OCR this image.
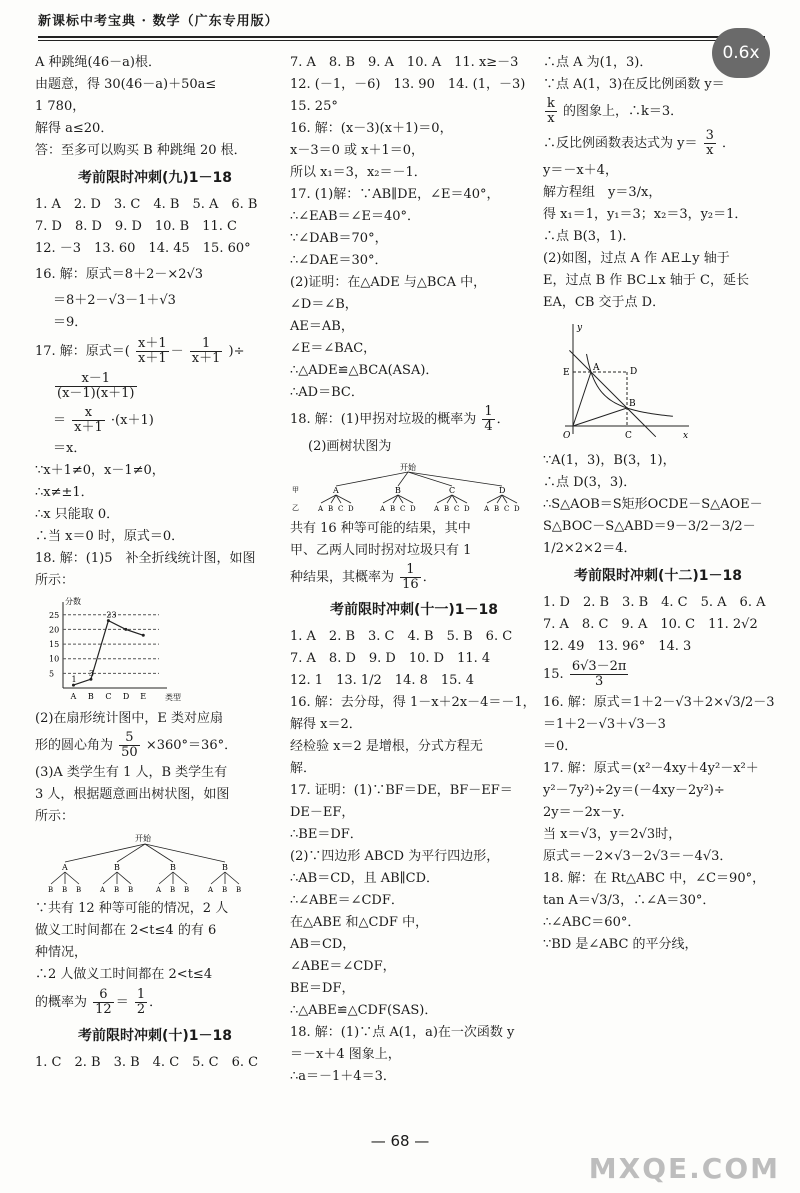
新课标中考宝典 · 数学（广东专用版）
0.6x
A 种跳绳(46－a)根．
由题意，得 30(46－a)＋50a≤
1 780，
解得 a≤20．
答：至多可以购买 B 种跳绳 20 根．
考前限时冲刺(九)1－18
1. A　2. D　3. C　4. B　5. A　6. B
7. D　8. D　9. D　10. B　11. C
12. －3　13. 60　14. 45　15. 60°
16. 解：原式＝8＋2－×2√3
＝8＋2－√3－1＋√3
＝9．
17. 解：原式＝( $\frac{x+1}{x+1} - \frac{1}{x+1}$ )÷
$\frac{x-1}{(x-1)(x+1)}$
＝ $\frac{x}{x+1} \cdot(x+1)$
＝x．
∵x＋1≠0，x－1≠0，
∴x≠±1．
∴x 只能取 0．
∴当 x＝0 时，原式＝0．
18. 解：(1)5　补全折线统计图，如图
所示：
分数
类型
5
10
15
20
25
A B C D E
1
3
23
(2)在扇形统计图中，E 类对应扇
形的圆心角为 $\frac{5}{50} \times 360^\circ=36^\circ$．
(3)A 类学生有 1 人，B 类学生有
3 人，根据题意画出树状图，如图
所示：
开始
A
B B B
B
A B B
B
A B B
B
A B B
∵共有 12 种等可能的情况，2 人
做义工时间都在 2<t≤4 的有 6
种情况，
∴2 人做义工时间都在 2<t≤4
的概率为 $\frac{6}{12} = \frac{1}{2}$ ．
考前限时冲刺(十)1－18
1. C　2. B　3. B　4. C　5. C　6. C
7. A　8. B　9. A　10. A　11. x≥－3
12. (－1，－6)　13. 90　14. (1，－3)
15. 25°
16. 解：(x－3)(x＋1)＝0，
x－3＝0 或 x＋1＝0，
所以 x₁＝3，x₂＝－1．
17. (1)解：∵AB∥DE，∠E＝40°，
∴∠EAB＝∠E＝40°．
∵∠DAB＝70°，
∴∠DAE＝30°．
(2)证明：在△ADE 与△BCA 中，
∠D＝∠B，
AE＝AB，
∠E＝∠BAC，
∴△ADE≌△BCA(ASA)．
∴AD＝BC．
18. 解：(1)甲拐对垃圾的概率为 $\frac{1}{4}$ ．
(2)画树状图为
开始
甲
乙
A
A B C D
B
A B C D
C
A B C D
D
A B C D
共有 16 种等可能的结果，其中
甲、乙两人同时拐对垃圾只有 1
种结果，其概率为 $\frac{1}{16}$ ．
考前限时冲刺(十一)1－18
1. A　2. B　3. C　4. B　5. B　6. C
7. A　8. D　9. D　10. D　11. 4
12. 1　13. 1/2　14. 8　15. 4
16. 解：去分母，得 1－x＋2x－4＝－1，
解得 x＝2．
经检验 x＝2 是增根，分式方程无
解．
17. 证明：(1)∵BF＝DE，BF－EF＝
DE－EF，
∴BE＝DF．
(2)∵四边形 ABCD 为平行四边形，
∴AB＝CD，且 AB∥CD．
∴∠ABE＝∠CDF．
在△ABE 和△CDF 中，
AB＝CD，
∠ABE＝∠CDF，
BE＝DF，
∴△ABE≌△CDF(SAS)．
18. 解：(1)∵点 A(1，a)在一次函数 y
＝－x＋4 图象上，
∴a＝－1＋4＝3．
∴点 A 为(1，3)．
∵点 A(1，3)在反比例函数 y＝
$\frac{k}{x}$ 的图象上，∴k＝3．
∴反比例函数表达式为 $y= \frac{3}{x}$ ．
y＝－x＋4，
解方程组　y＝3/x，
得 x₁＝1，y₁＝3；x₂＝3，y₂＝1．
∴点 B(3，1)．
(2)如图，过点 A 作 AE⊥y 轴于
E，过点 B 作 BC⊥x 轴于 C，延长
EA，CB 交于点 D．
y
x
O
A
B
C
D
E
∵A(1，3)，B(3，1)，
∴点 D(3，3)．
∴S△AOB＝S矩形OCDE－S△AOE－
S△BOC－S△ABD＝9－3/2－3/2－
1/2×2×2＝4．
考前限时冲刺(十二)1－18
1. D　2. B　3. B　4. C　5. A　6. A
7. A　8. C　9. A　10. C　11. 2√2
12. 49　13. 96°　14. 3
15. $\frac{6√3-2\pi}{3}$
16. 解：原式＝1＋2－√3＋2×√3/2－3
＝1＋2－√3＋√3－3
＝0．
17. 解：原式＝(x²－4xy＋4y²－x²＋
y²－7y²)÷2y＝(－4xy－2y²)÷
2y＝－2x－y．
当 x＝√3，y＝2√3时，
原式＝－2×√3－2√3＝－4√3．
18. 解：在 Rt△ABC 中，∠C＝90°，
tan A＝√3/3，∴∠A＝30°．
∴∠ABC＝60°．
∵BD 是∠ABC 的平分线，
— 68 —
MXQE.COM
